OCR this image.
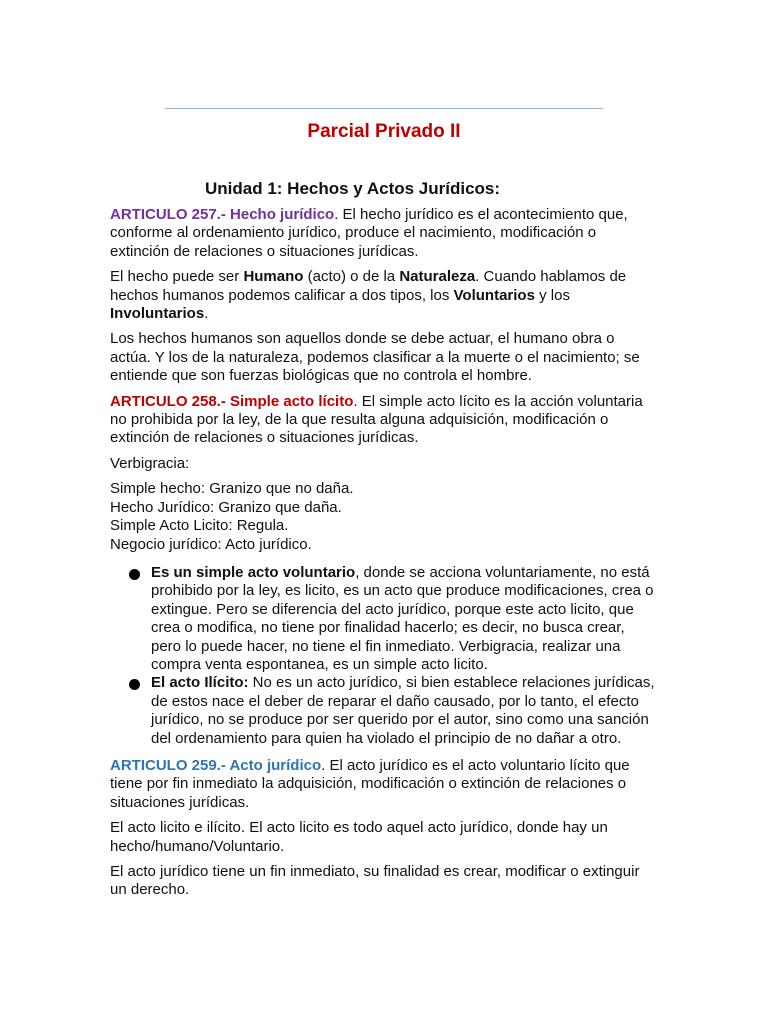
Parcial Privado II
Unidad 1: Hechos y Actos Jurídicos:

ARTICULO 257.- Hecho jurídico. El hecho jurídico es el acontecimiento que, conforme al ordenamiento jurídico, produce el nacimiento, modificación o extinción de relaciones o situaciones jurídicas.

El hecho puede ser Humano (acto) o de la Naturaleza. Cuando hablamos de hechos humanos podemos calificar a dos tipos, los Voluntarios y los Involuntarios.

Los hechos humanos son aquellos donde se debe actuar, el humano obra o actúa. Y los de la naturaleza, podemos clasificar a la muerte o el nacimiento; se entiende que son fuerzas biológicas que no controla el hombre.

ARTICULO 258.- Simple acto lícito. El simple acto lícito es la acción voluntaria no prohibida por la ley, de la que resulta alguna adquisición, modificación o extinción de relaciones o situaciones jurídicas.

Verbigracia:

Simple hecho: Granizo que no daña.
Hecho Jurídico: Granizo que daña.
Simple Acto Licito: Regula.
Negocio jurídico: Acto jurídico.
Es un simple acto voluntario, donde se acciona voluntariamente, no está prohibido por la ley, es licito, es un acto que produce modificaciones, crea o extingue. Pero se diferencia del acto jurídico, porque este acto licito, que crea o modifica, no tiene por finalidad hacerlo; es decir, no busca crear, pero lo puede hacer, no tiene el fin inmediato. Verbigracia, realizar una compra venta espontanea, es un simple acto licito.
El acto Ilícito: No es un acto jurídico, si bien establece relaciones jurídicas, de estos nace el deber de reparar el daño causado, por lo tanto, el efecto jurídico, no se produce por ser querido por el autor, sino como una sanción del ordenamiento para quien ha violado el principio de no dañar a otro.

ARTICULO 259.- Acto jurídico. El acto jurídico es el acto voluntario lícito que tiene por fin inmediato la adquisición, modificación o extinción de relaciones o situaciones jurídicas.

El acto licito e ilícito. El acto licito es todo aquel acto jurídico, donde hay un hecho/humano/Voluntario.

El acto jurídico tiene un fin inmediato, su finalidad es crear, modificar o extinguir un derecho.
